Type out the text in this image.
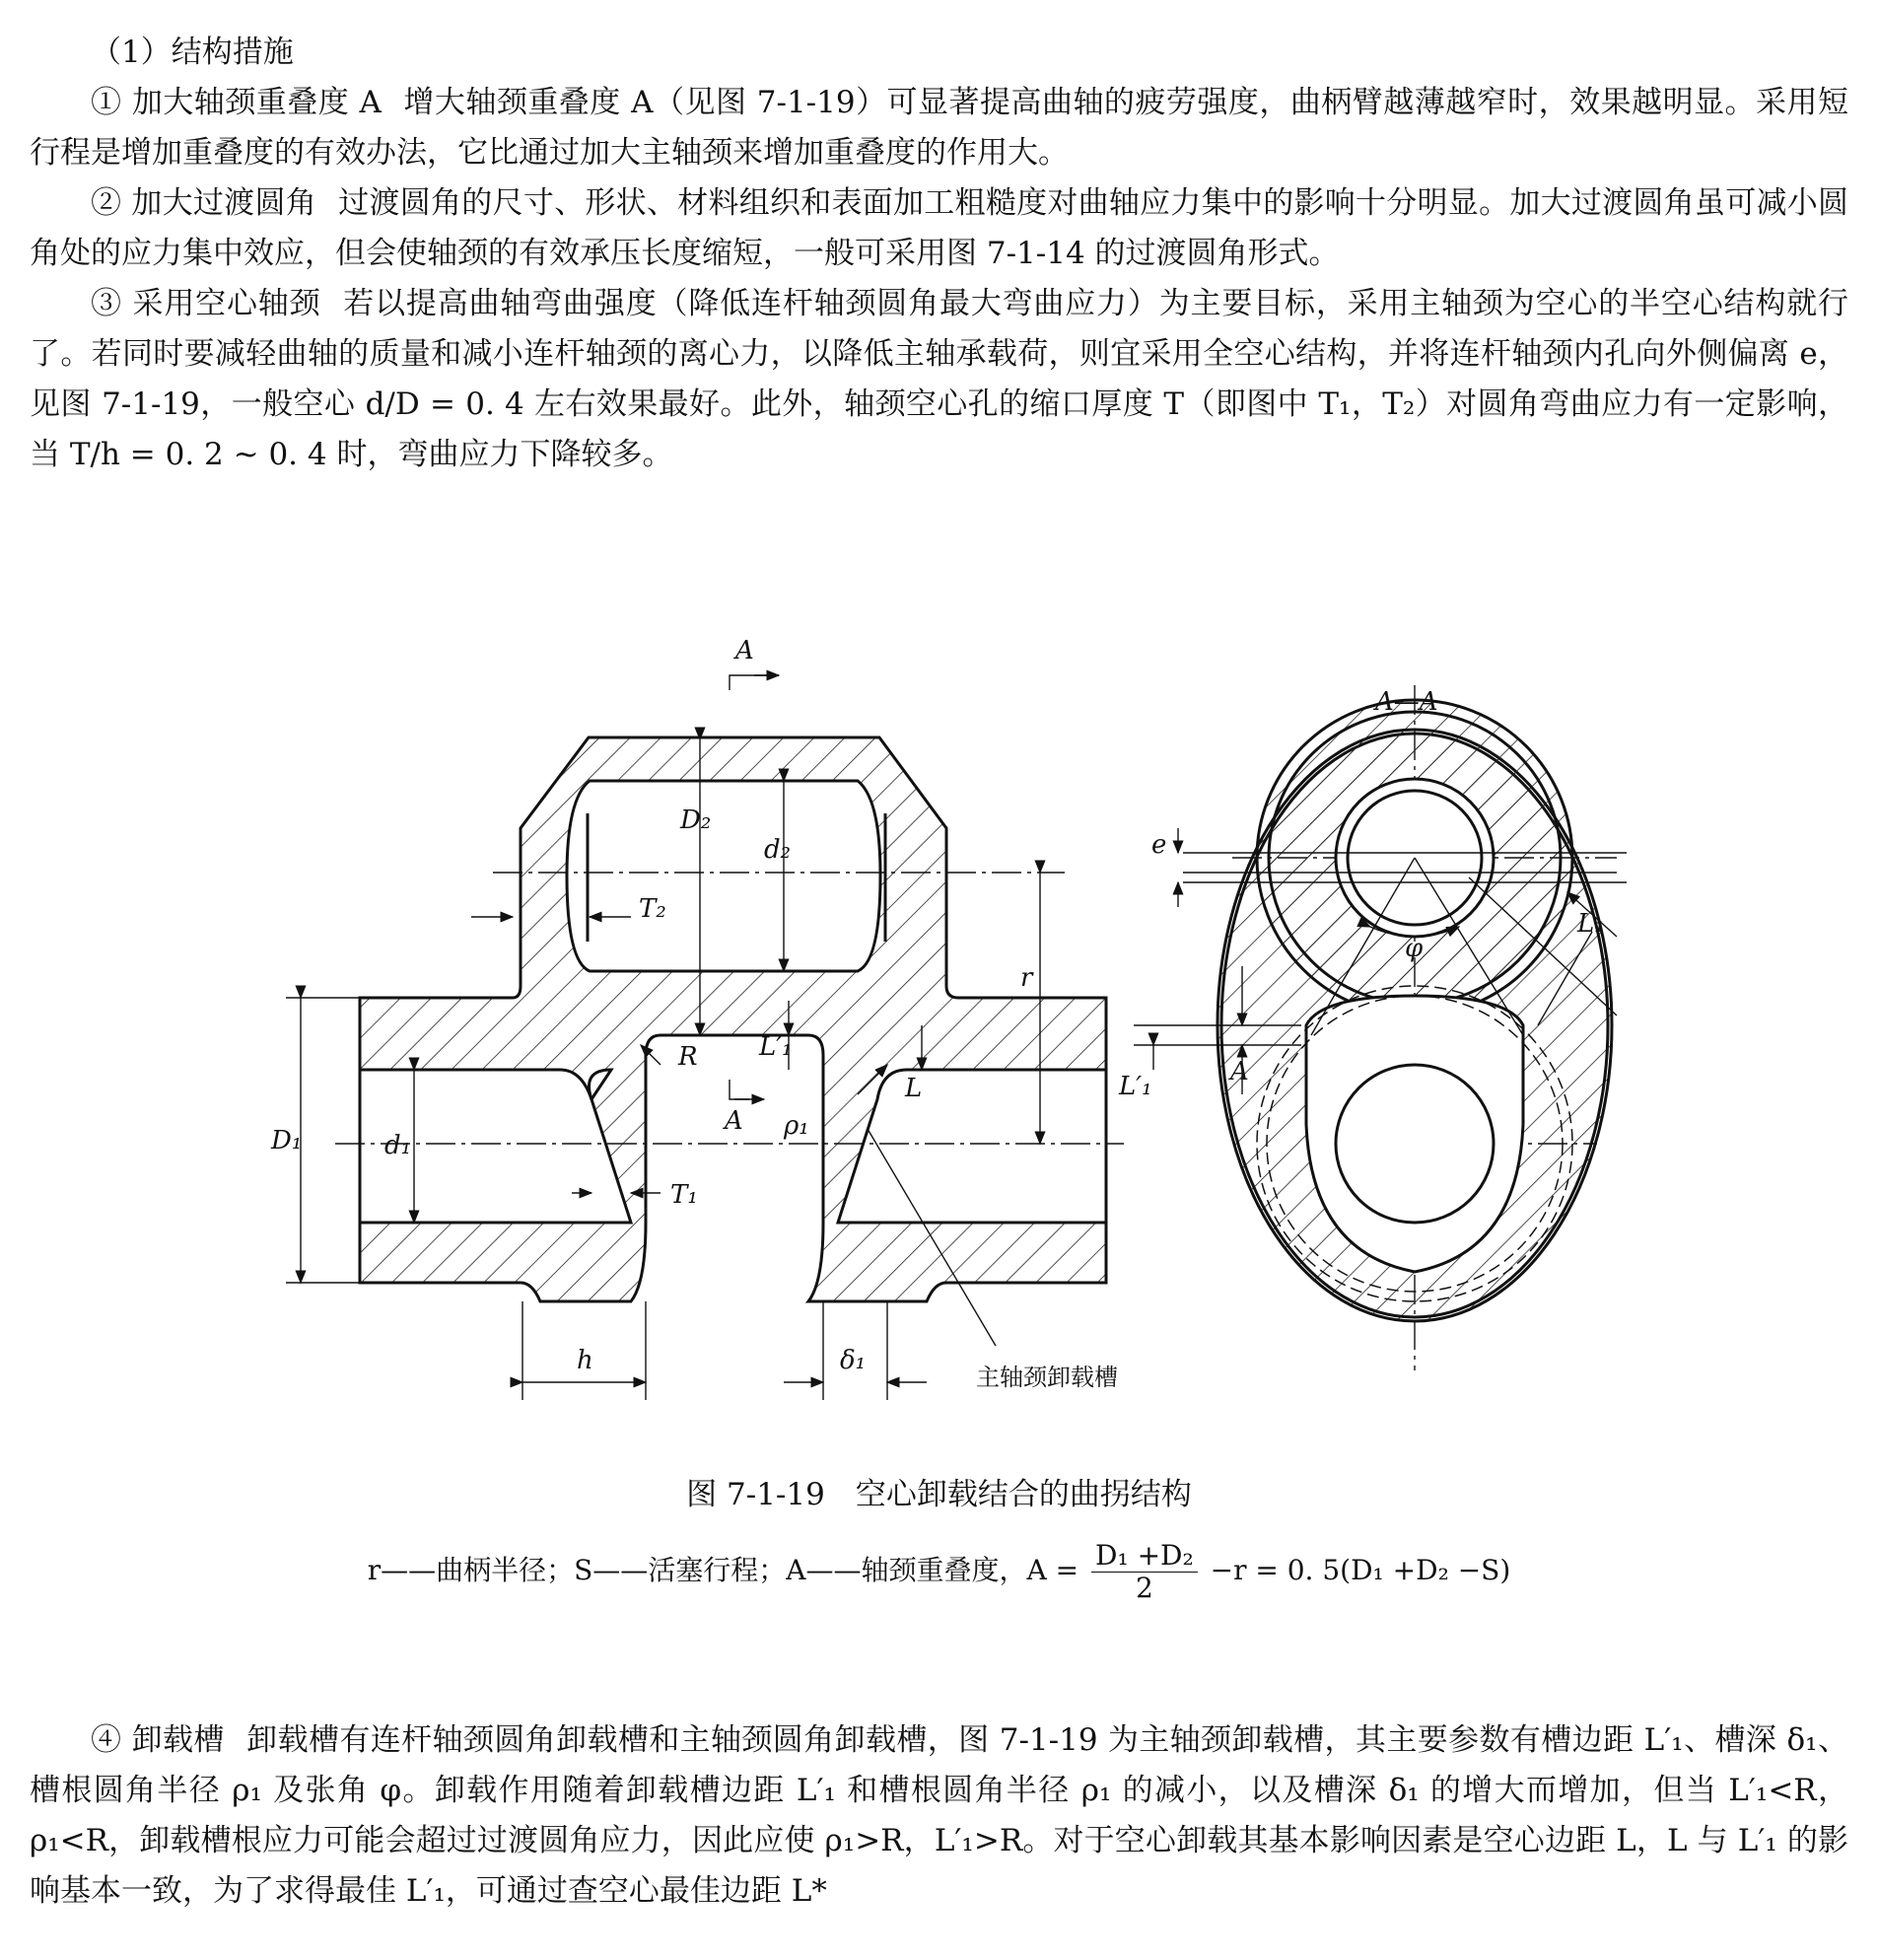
（1）结构措施

① 加大轴颈重叠度 A 增大轴颈重叠度 A（见图 7-1-19）可显著提高曲轴的疲劳强度，曲柄臂越薄越窄时，效果越明显。采用短行程是增加重叠度的有效办法，它比通过加大主轴颈来增加重叠度的作用大。

② 加大过渡圆角 过渡圆角的尺寸、形状、材料组织和表面加工粗糙度对曲轴应力集中的影响十分明显。加大过渡圆角虽可减小圆角处的应力集中效应，但会使轴颈的有效承压长度缩短，一般可采用图 7-1-14 的过渡圆角形式。

③ 采用空心轴颈 若以提高曲轴弯曲强度（降低连杆轴颈圆角最大弯曲应力）为主要目标，采用主轴颈为空心的半空心结构就行了。若同时要减轻曲轴的质量和减小连杆轴颈的离心力，以降低主轴承载荷，则宜采用全空心结构，并将连杆轴颈内孔向外侧偏离 e，见图 7-1-19，一般空心 d/D = 0. 4 左右效果最好。此外，轴颈空心孔的缩口厚度 T（即图中 T₁，T₂）对圆角弯曲应力有一定影响，当 T/h = 0. 2 ~ 0. 4 时，弯曲应力下降较多。

A
A—A
D₂
d₂
T₂
r
R L′₁
L
A ρ₁
D₁	d₁
T₁
h	δ₁
主轴颈卸载槽
e
φ
L₁
A
L′₁
图 7-1-19　空心卸载结合的曲拐结构
r——曲柄半径；S——活塞行程；A——轴颈重叠度，$A = \frac{\text{D₁ +D₂}}{2} -r = 0$. 5(D₁ +D₂ −S)

④ 卸载槽 卸载槽有连杆轴颈圆角卸载槽和主轴颈圆角卸载槽，图 7-1-19 为主轴颈卸载槽，其主要参数有槽边距 L′₁、槽深 δ₁、槽根圆角半径 ρ₁ 及张角 φ。卸载作用随着卸载槽边距 L′₁ 和槽根圆角半径 ρ₁ 的减小，以及槽深 δ₁ 的增大而增加，但当 L′₁<R，ρ₁<R，卸载槽根应力可能会超过过渡圆角应力，因此应使 ρ₁>R，L′₁>R。对于空心卸载其基本影响因素是空心边距 L，L 与 L′₁ 的影响基本一致，为了求得最佳 L′₁，可通过查空心最佳边距 L*
